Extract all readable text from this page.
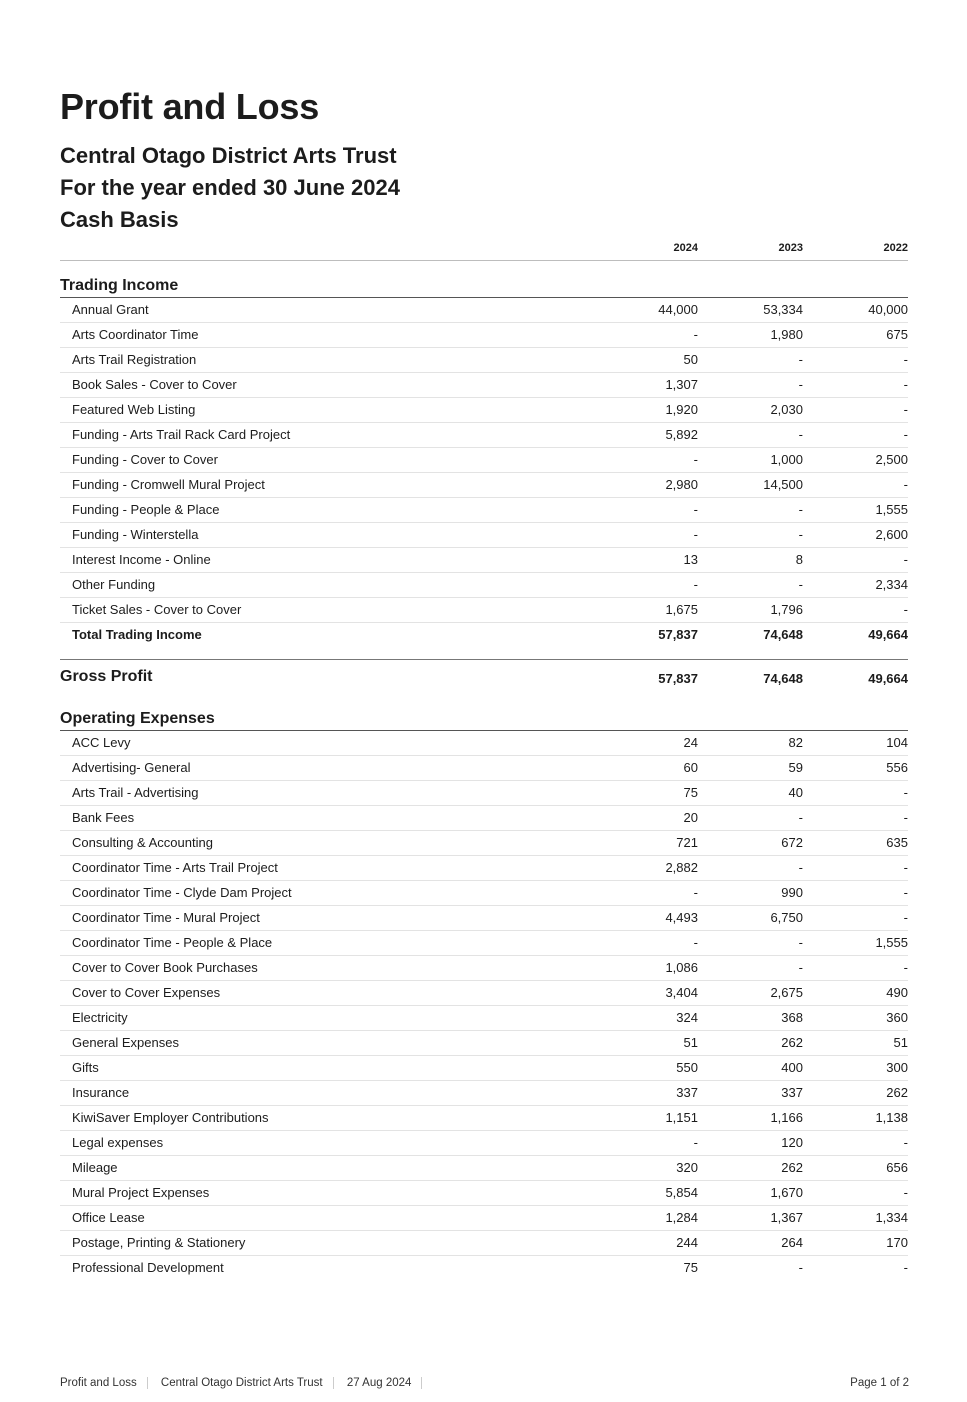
Profit and Loss
Central Otago District Arts Trust
For the year ended 30 June 2024
Cash Basis
2024	2023	2022
Trading Income
Annual Grant	44,000	53,334	40,000
Arts Coordinator Time	-	1,980	675
Arts Trail Registration	50	-	-
Book Sales - Cover to Cover	1,307	-	-
Featured Web Listing	1,920	2,030	-
Funding - Arts Trail Rack Card Project	5,892	-	-
Funding - Cover to Cover	-	1,000	2,500
Funding - Cromwell Mural Project	2,980	14,500	-
Funding - People & Place	-	-	1,555
Funding - Winterstella	-	-	2,600
Interest Income - Online	13	8	-
Other Funding	-	-	2,334
Ticket Sales - Cover to Cover	1,675	1,796	-
Total Trading Income	57,837	74,648	49,664
Gross Profit	57,837	74,648	49,664
Operating Expenses
ACC Levy	24	82	104
Advertising- General	60	59	556
Arts Trail - Advertising	75	40	-
Bank Fees	20	-	-
Consulting & Accounting	721	672	635
Coordinator Time - Arts Trail Project	2,882	-	-
Coordinator Time - Clyde Dam Project	-	990	-
Coordinator Time - Mural Project	4,493	6,750	-
Coordinator Time - People & Place	-	-	1,555
Cover to Cover Book Purchases	1,086	-	-
Cover to Cover Expenses	3,404	2,675	490
Electricity	324	368	360
General Expenses	51	262	51
Gifts	550	400	300
Insurance	337	337	262
KiwiSaver Employer Contributions	1,151	1,166	1,138
Legal expenses	-	120	-
Mileage	320	262	656
Mural Project Expenses	5,854	1,670	-
Office Lease	1,284	1,367	1,334
Postage, Printing & Stationery	244	264	170
Professional Development	75	-	-
Profit and Loss Central Otago District Arts Trust 27 Aug 2024	Page 1 of 2
